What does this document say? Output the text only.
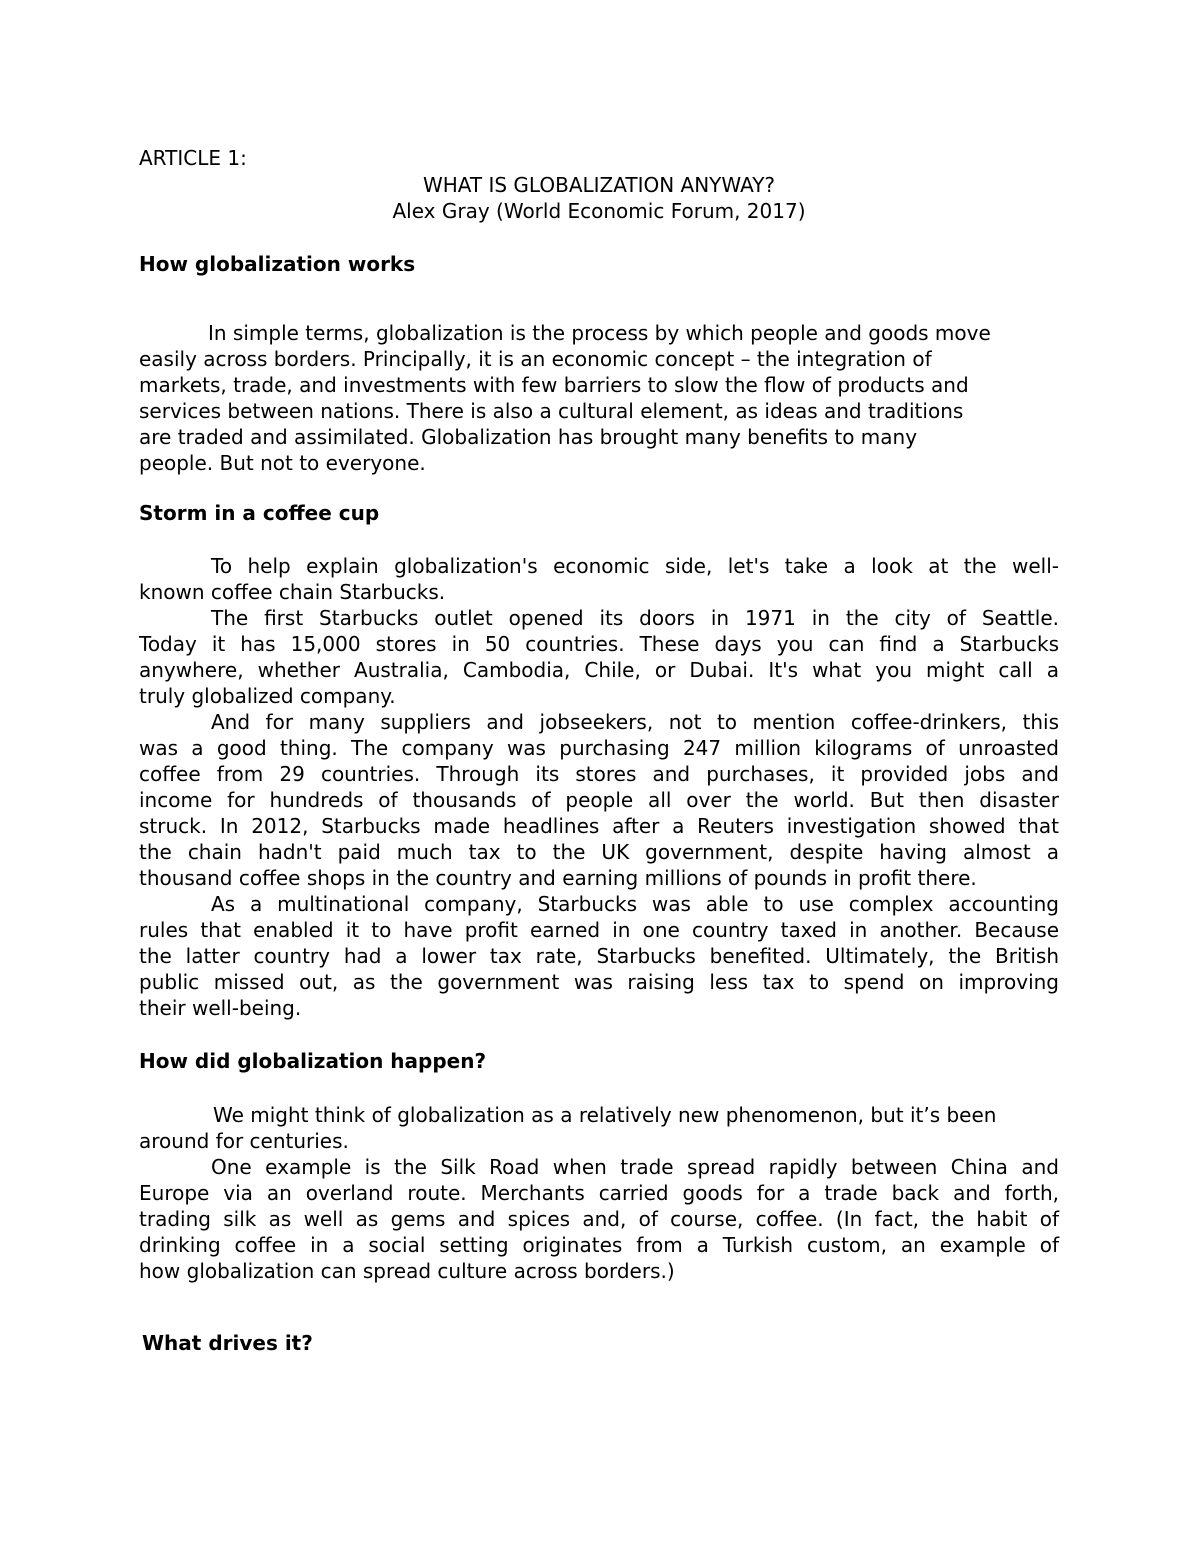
ARTICLE 1:

WHAT IS GLOBALIZATION ANYWAY?

Alex Gray (World Economic Forum, 2017)

How globalization works

In simple terms, globalization is the process by which people and goods move

easily across borders. Principally, it is an economic concept – the integration of

markets, trade, and investments with few barriers to slow the flow of products and

services between nations. There is also a cultural element, as ideas and traditions

are traded and assimilated. Globalization has brought many benefits to many

people. But not to everyone.

Storm in a coffee cup

To help explain globalization's economic side, let's take a look at the well-

known coffee chain Starbucks.

The first Starbucks outlet opened its doors in 1971 in the city of Seattle.

Today it has 15,000 stores in 50 countries. These days you can find a Starbucks

anywhere, whether Australia, Cambodia, Chile, or Dubai. It's what you might call a

truly globalized company.

And for many suppliers and jobseekers, not to mention coffee-drinkers, this

was a good thing. The company was purchasing 247 million kilograms of unroasted

coffee from 29 countries. Through its stores and purchases, it provided jobs and

income for hundreds of thousands of people all over the world. But then disaster

struck. In 2012, Starbucks made headlines after a Reuters investigation showed that

the chain hadn't paid much tax to the UK government, despite having almost a

thousand coffee shops in the country and earning millions of pounds in profit there.

As a multinational company, Starbucks was able to use complex accounting

rules that enabled it to have profit earned in one country taxed in another. Because

the latter country had a lower tax rate, Starbucks benefited. Ultimately, the British

public missed out, as the government was raising less tax to spend on improving

their well-being.

How did globalization happen?

We might think of globalization as a relatively new phenomenon, but it’s been

around for centuries.

One example is the Silk Road when trade spread rapidly between China and

Europe via an overland route. Merchants carried goods for a trade back and forth,

trading silk as well as gems and spices and, of course, coffee. (In fact, the habit of

drinking coffee in a social setting originates from a Turkish custom, an example of

how globalization can spread culture across borders.)

What drives it?
